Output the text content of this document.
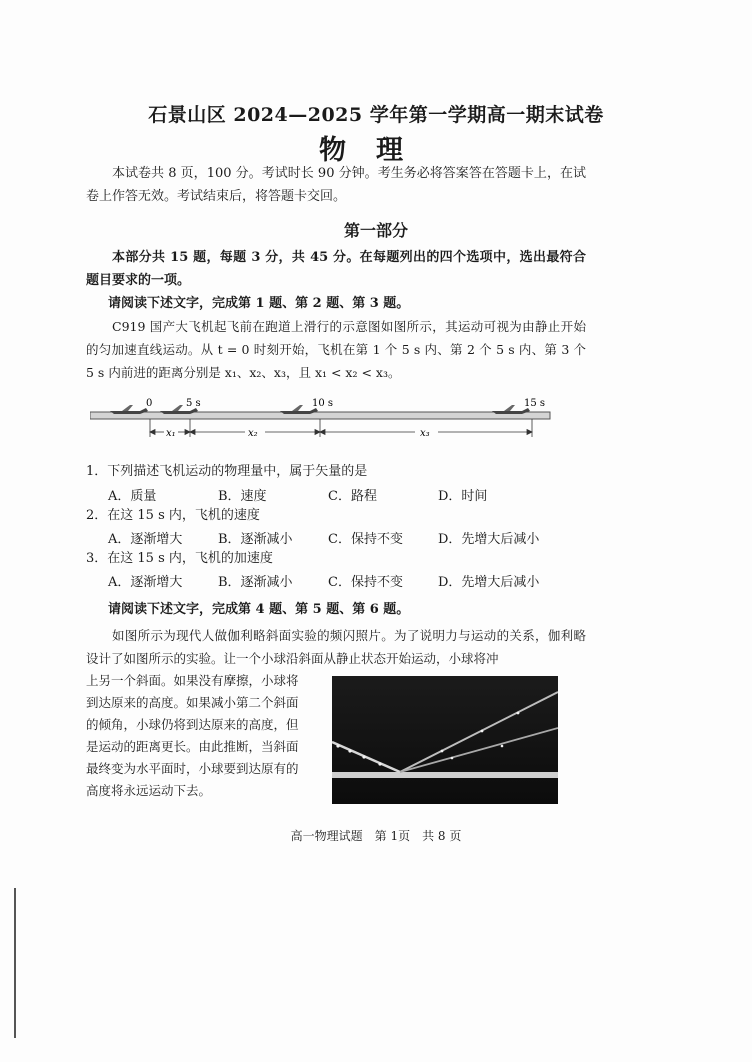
石景山区 2024—2025 学年第一学期高一期末试卷
物理
本试卷共 8 页，100 分。考试时长 90 分钟。考生务必将答案答在答题卡上，在试卷上作答无效。考试结束后，将答题卡交回。
第一部分
本部分共 15 题，每题 3 分，共 45 分。在每题列出的四个选项中，选出最符合题目要求的一项。
请阅读下述文字，完成第 1 题、第 2 题、第 3 题。
C919 国产大飞机起飞前在跑道上滑行的示意图如图所示，其运动可视为由静止开始的匀加速直线运动。从 t = 0 时刻开始，飞机在第 1 个 5 s 内、第 2 个 5 s 内、第 3 个 5 s 内前进的距离分别是 x₁、x₂、x₃，且 x₁ < x₂ < x₃。
0	5 s	10 s	15 s
x₁	x₂	x₃
1．下列描述飞机运动的物理量中，属于矢量的是
A．质量	B．速度	C．路程	D．时间
2．在这 15 s 内，飞机的速度
A．逐渐增大	B．逐渐减小	C．保持不变	D．先增大后减小
3．在这 15 s 内，飞机的加速度
A．逐渐增大	B．逐渐减小	C．保持不变	D．先增大后减小
请阅读下述文字，完成第 4 题、第 5 题、第 6 题。
如图所示为现代人做伽利略斜面实验的频闪照片。为了说明力与运动的关系，伽利略设计了如图所示的实验。让一个小球沿斜面从静止状态开始运动，小球将冲
上另一个斜面。如果没有摩擦，小球将
到达原来的高度。如果减小第二个斜面
的倾角，小球仍将到达原来的高度，但
是运动的距离更长。由此推断，当斜面
最终变为水平面时，小球要到达原有的
高度将永远运动下去。
高一物理试题　第 1页　共 8 页
